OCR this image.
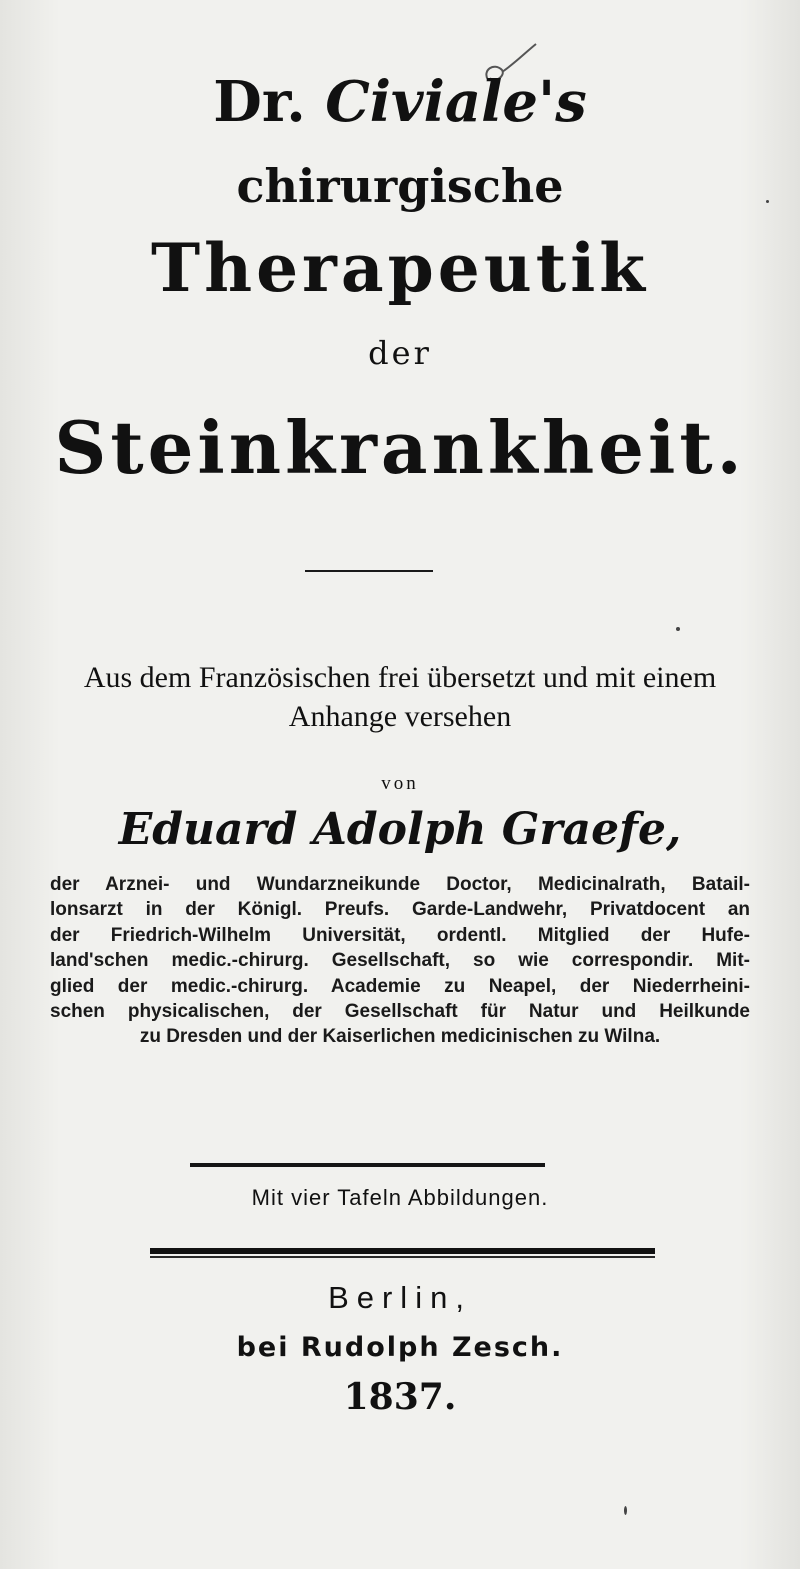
Dr. Civiale's
chirurgische
Therapeutik
der
Steinkrankheit.
Aus dem Französischen frei übersetzt und mit einem
Anhange versehen
von
Eduard Adolph Graefe,
der Arznei- und Wundarzneikunde Doctor, Medicinalrath, Batail-
lonsarzt in der Königl. Preufs. Garde-Landwehr, Privatdocent an
der Friedrich-Wilhelm Universität, ordentl. Mitglied der Hufe-
land'schen medic.-chirurg. Gesellschaft, so wie correspondir. Mit-
glied der medic.-chirurg. Academie zu Neapel, der Niederrheini-
schen physicalischen, der Gesellschaft für Natur und Heilkunde
zu Dresden und der Kaiserlichen medicinischen zu Wilna.
Mit vier Tafeln Abbildungen.
Berlin,
bei Rudolph Zesch.
1837.
